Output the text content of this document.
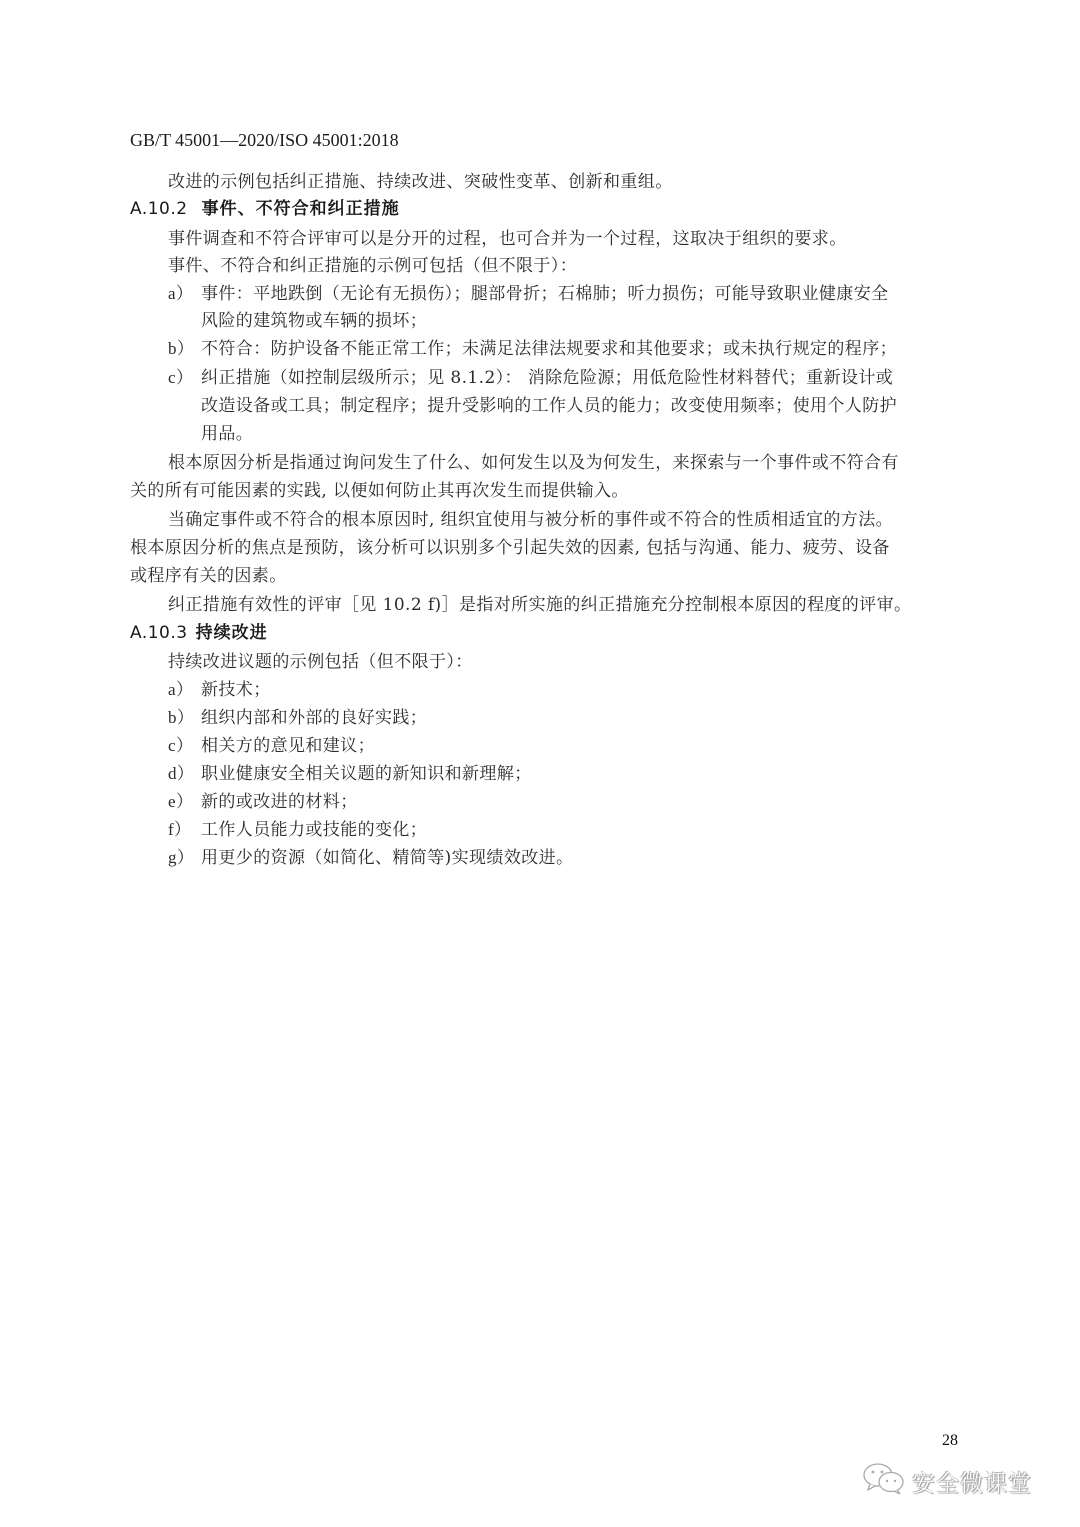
GB/T 45001—2020/ISO 45001:2018
改进的示例包括纠正措施、持续改进、突破性变革、创新和重组。
A.10.2 事件、不符合和纠正措施
事件调查和不符合评审可以是分开的过程，也可合并为一个过程，这取决于组织的要求。
事件、不符合和纠正措施的示例可包括（但不限于）：
a） 事件：平地跌倒（无论有无损伤）；腿部骨折；石棉肺；听力损伤；可能导致职业健康安全
风险的建筑物或车辆的损坏；
b） 不符合：防护设备不能正常工作；未满足法律法规要求和其他要求；或未执行规定的程序；
c） 纠正措施（如控制层级所示；见 8.1.2）： 消除危险源；用低危险性材料替代；重新设计或
改造设备或工具；制定程序；提升受影响的工作人员的能力；改变使用频率；使用个人防护
用品。
根本原因分析是指通过询问发生了什么、如何发生以及为何发生，来探索与一个事件或不符合有
关的所有可能因素的实践, 以便如何防止其再次发生而提供输入。
当确定事件或不符合的根本原因时, 组织宜使用与被分析的事件或不符合的性质相适宜的方法。
根本原因分析的焦点是预防，该分析可以识别多个引起失效的因素, 包括与沟通、能力、疲劳、设备
或程序有关的因素。
纠正措施有效性的评审［见 10.2 f)］是指对所实施的纠正措施充分控制根本原因的程度的评审。
A.10.3 持续改进
持续改进议题的示例包括（但不限于）：
a） 新技术；
b） 组织内部和外部的良好实践；
c） 相关方的意见和建议；
d） 职业健康安全相关议题的新知识和新理解；
e） 新的或改进的材料；
f） 工作人员能力或技能的变化；
g） 用更少的资源（如简化、精简等)实现绩效改进。
28
安全微课堂
